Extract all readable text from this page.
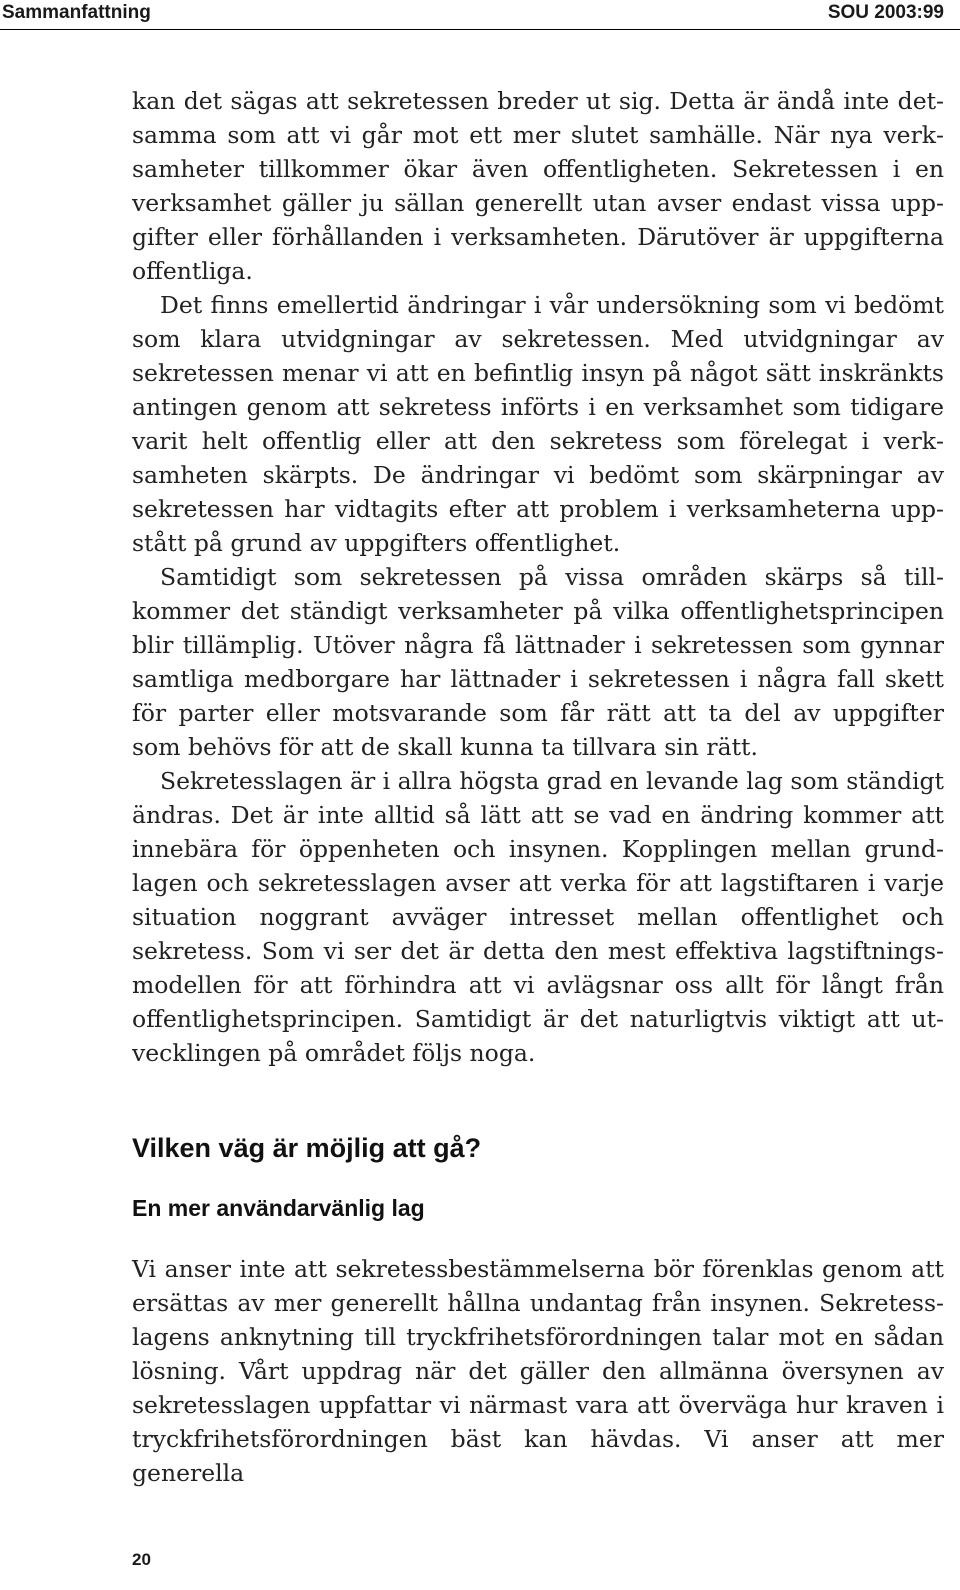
Sammanfattning	SOU 2003:99

kan det sägas att sekretessen breder ut sig. Detta är ändå inte detsamma som att vi går mot ett mer slutet samhälle. När nya verksamheter tillkommer ökar även offentligheten. Sekretessen i en verksamhet gäller ju sällan generellt utan avser endast vissa uppgifter eller förhållanden i verksamheten. Därutöver är uppgifterna offentliga.

Det finns emellertid ändringar i vår undersökning som vi bedömt som klara utvidgningar av sekretessen. Med utvidgningar av sekretessen menar vi att en befintlig insyn på något sätt inskränkts antingen genom att sekretess införts i en verksamhet som tidigare varit helt offentlig eller att den sekretess som förelegat i verksamheten skärpts. De ändringar vi bedömt som skärpningar av sekretessen har vidtagits efter att problem i verksamheterna uppstått på grund av uppgifters offentlighet.

Samtidigt som sekretessen på vissa områden skärps så tillkommer det ständigt verksamheter på vilka offentlighetsprincipen blir tillämplig. Utöver några få lättnader i sekretessen som gynnar samtliga medborgare har lättnader i sekretessen i några fall skett för parter eller motsvarande som får rätt att ta del av uppgifter som behövs för att de skall kunna ta tillvara sin rätt.

Sekretesslagen är i allra högsta grad en levande lag som ständigt ändras. Det är inte alltid så lätt att se vad en ändring kommer att innebära för öppenheten och insynen. Kopplingen mellan grundlagen och sekretesslagen avser att verka för att lagstiftaren i varje situation noggrant avväger intresset mellan offentlighet och sekretess. Som vi ser det är detta den mest effektiva lagstiftningsmodellen för att förhindra att vi avlägsnar oss allt för långt från offentlighetsprincipen. Samtidigt är det naturligtvis viktigt att utvecklingen på området följs noga.

Vilken väg är möjlig att gå?
En mer användarvänlig lag

Vi anser inte att sekretessbestämmelserna bör förenklas genom att ersättas av mer generellt hållna undantag från insynen. Sekretesslagens anknytning till tryckfrihetsförordningen talar mot en sådan lösning. Vårt uppdrag när det gäller den allmänna översynen av sekretesslagen uppfattar vi närmast vara att överväga hur kraven i tryckfrihetsförordningen bäst kan hävdas. Vi anser att mer generella

20
